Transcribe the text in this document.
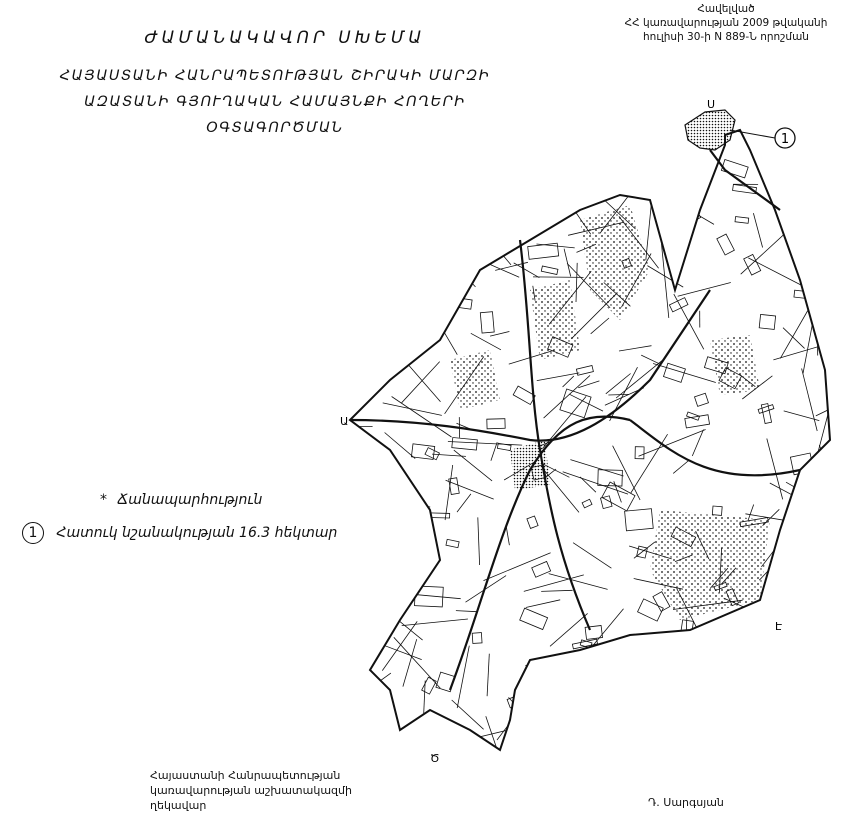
Հավելված
ՀՀ կառավարության 2009 թվականի
հուլիսի 30-ի N 889-Ն որոշման
ԺԱՄԱՆԱԿԱՎՈՐ ՍԽԵՄԱ
ՀԱՅԱՍՏԱՆԻ ՀԱՆՐԱՊԵՏՈՒԹՅԱՆ ՇԻՐԱԿԻ ՄԱՐԶԻ
ԱԶԱՏԱՆԻ ԳՅՈՒՂԱԿԱՆ ՀԱՄԱՅՆՔԻ ՀՈՂԵՐԻ
ՕԳՏԱԳՈՐԾՄԱՆ
* Ճանապարհություն
1 Հատուկ նշանակության 16.3 հեկտար
1
Ս
Ա
Ծ
Է
Հայաստանի Հանրապետության
կառավարության աշխատակազմի
ղեկավար	Դ. Սարգսյան
